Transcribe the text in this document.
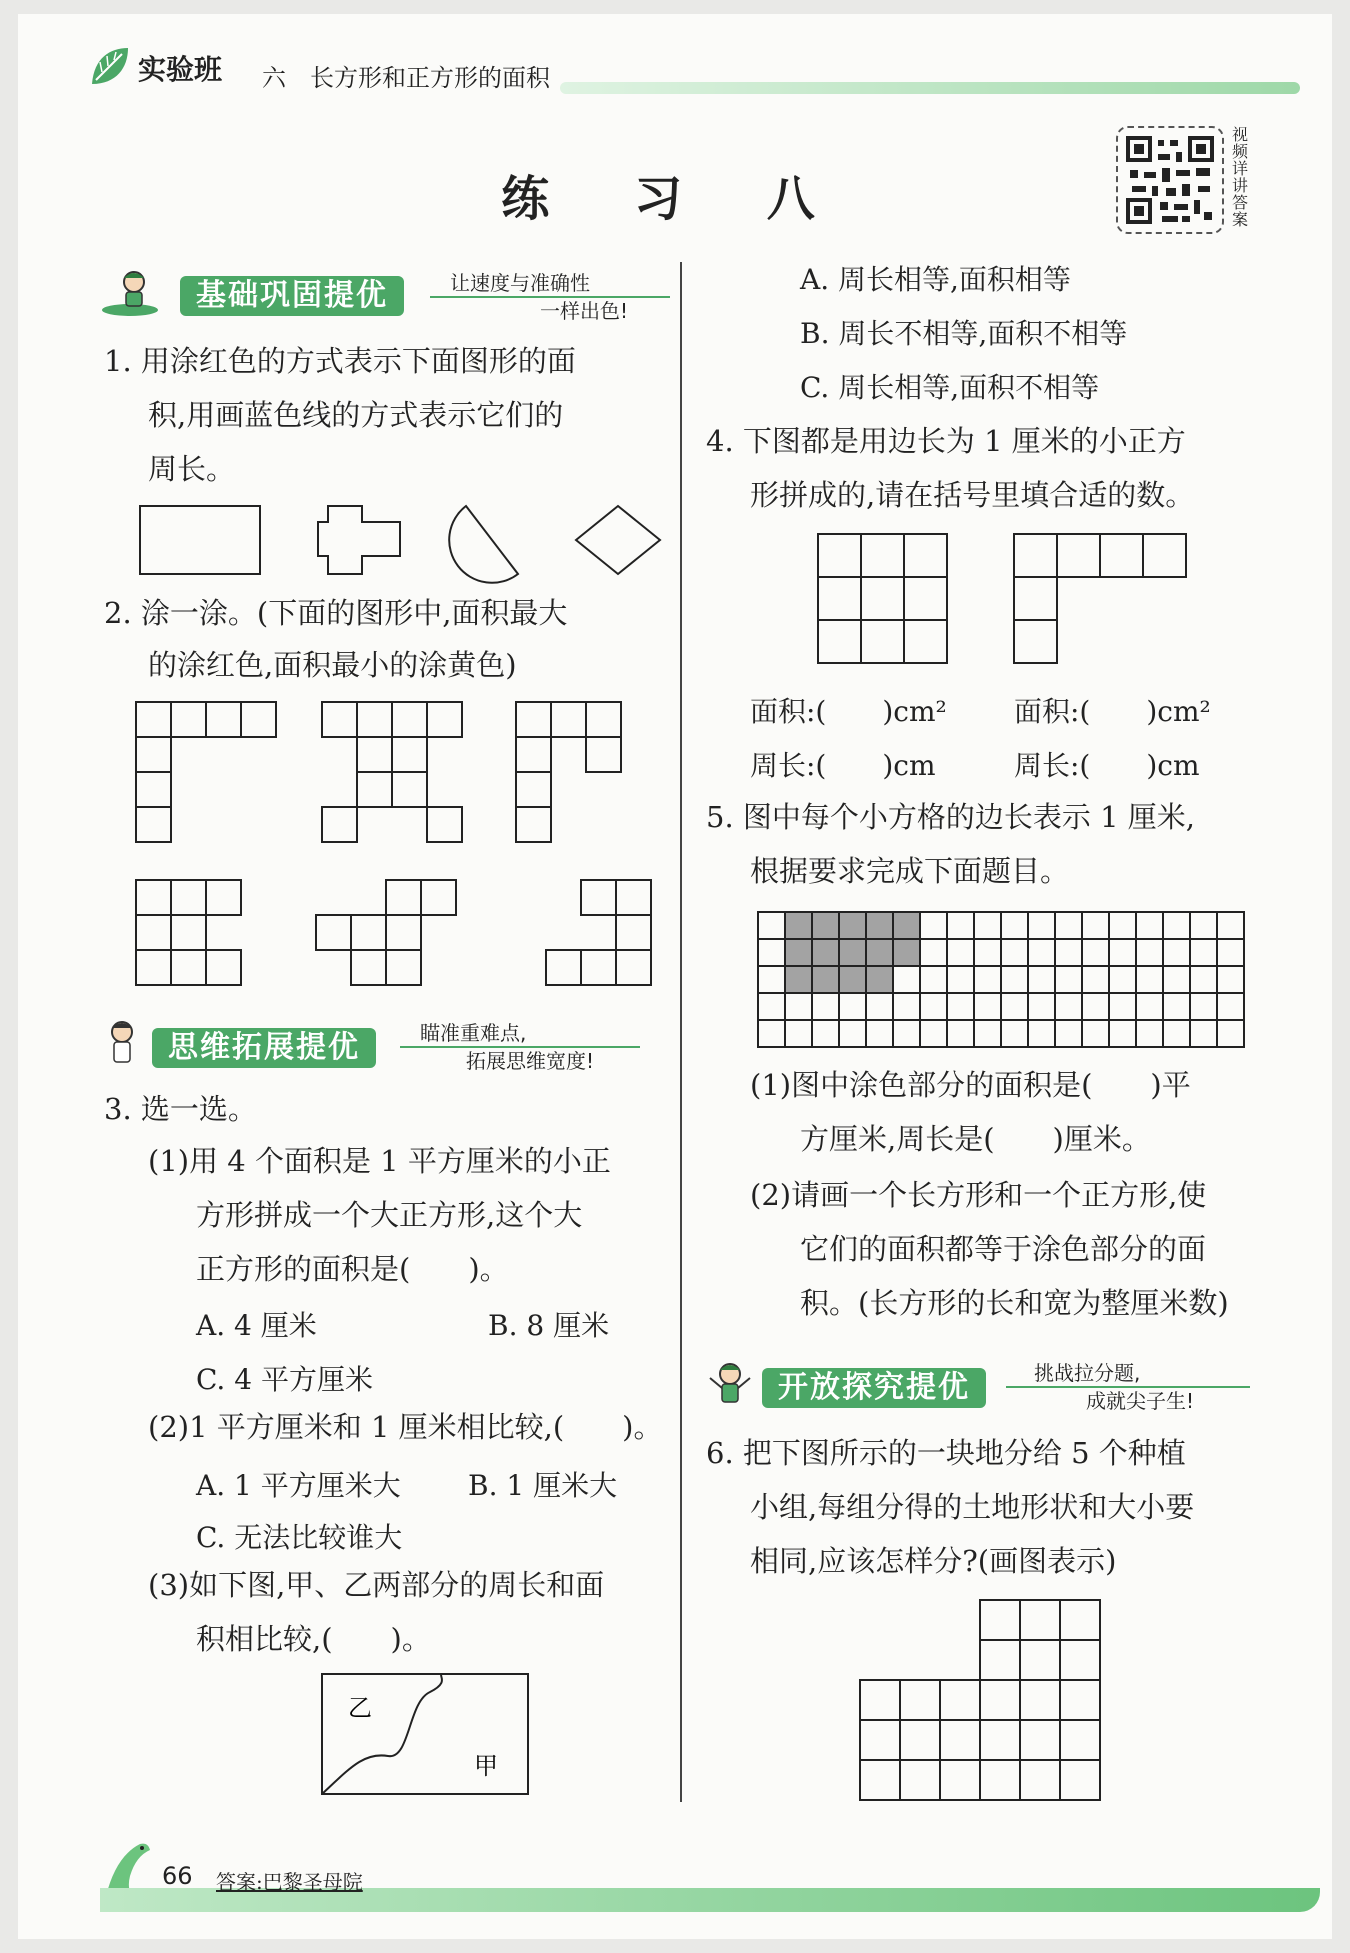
实验班 六 长方形和正方形的面积
练 习 八
视频详讲答案
基础巩固提优	让速度与准确性
一样出色!
1. 用涂红色的方式表示下面图形的面
积,用画蓝色线的方式表示它们的
周长。
2. 涂一涂。(下面的图形中,面积最大
的涂红色,面积最小的涂黄色)
思维拓展提优	瞄准重难点,
拓展思维宽度!
3. 选一选。
(1)用 4 个面积是 1 平方厘米的小正
方形拼成一个大正方形,这个大
正方形的面积是(　　)。
A. 4 厘米	B. 8 厘米
C. 4 平方厘米
(2)1 平方厘米和 1 厘米相比较,(　　)。
A. 1 平方厘米大 B. 1 厘米大
C. 无法比较谁大
(3)如下图,甲、乙两部分的周长和面
积相比较,(　　)。
乙
甲
A. 周长相等,面积相等
B. 周长不相等,面积不相等
C. 周长相等,面积不相等
4. 下图都是用边长为 1 厘米的小正方
形拼成的,请在括号里填合适的数。
面积:(　　)cm² 面积:(　　)cm²
周长:(　　)cm	周长:(　　)cm
5. 图中每个小方格的边长表示 1 厘米,
根据要求完成下面题目。
(1)图中涂色部分的面积是(　　)平
方厘米,周长是(　　)厘米。
(2)请画一个长方形和一个正方形,使
它们的面积都等于涂色部分的面
积。(长方形的长和宽为整厘米数)
开放探究提优	挑战拉分题,
成就尖子生!
6. 把下图所示的一块地分给 5 个种植
小组,每组分得的土地形状和大小要
相同,应该怎样分?(画图表示)
66 答案:巴黎圣母院
